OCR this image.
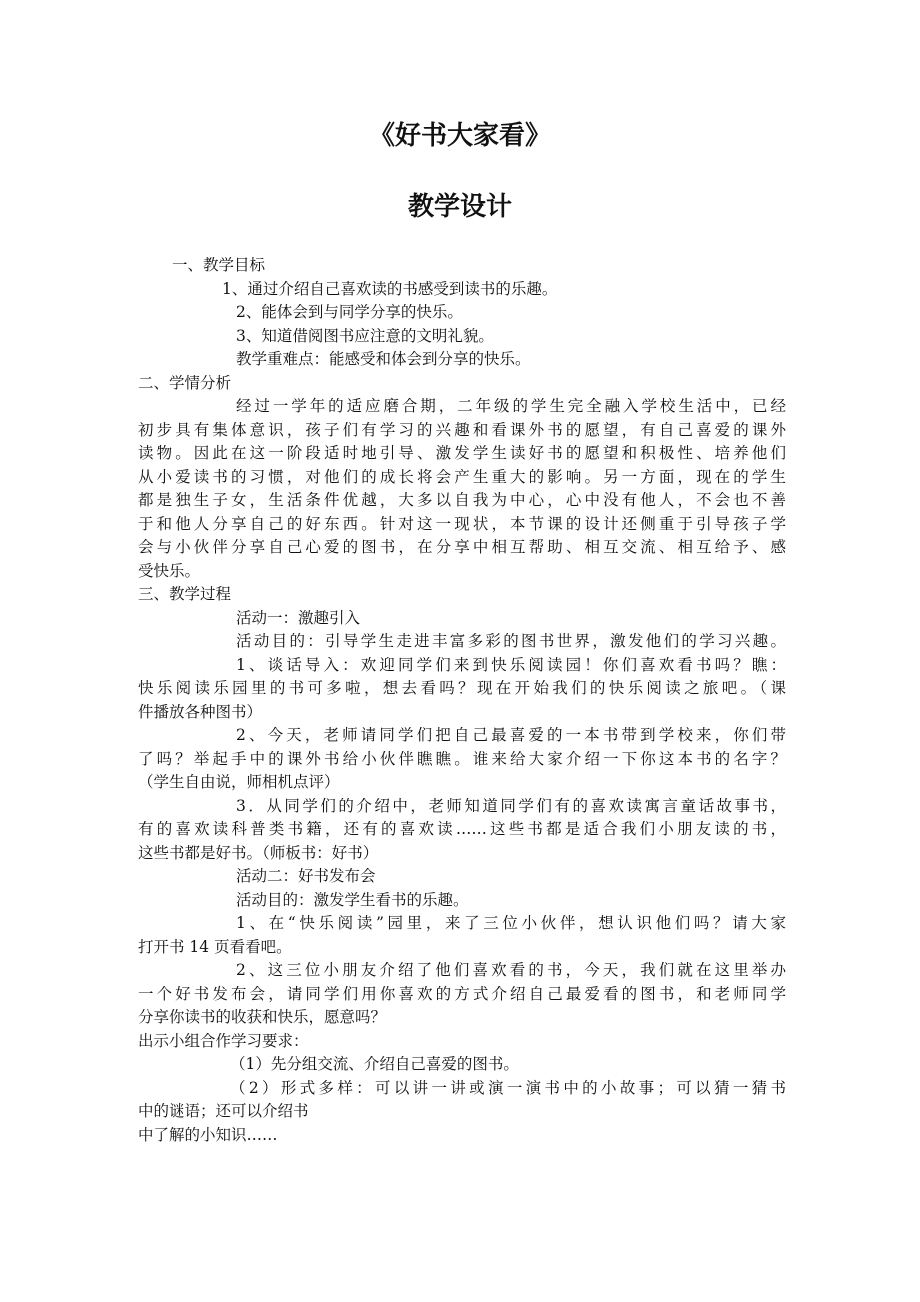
《好书大家看》
教学设计
一、教学目标
1、通过介绍自己喜欢读的书感受到读书的乐趣。
2、能体会到与同学分享的快乐。
3、知道借阅图书应注意的文明礼貌。
教学重难点：能感受和体会到分享的快乐。
二、学情分析
经过一学年的适应磨合期，二年级的学生完全融入学校生活中，已经
初步具有集体意识，孩子们有学习的兴趣和看课外书的愿望，有自己喜爱的课外
读物。因此在这一阶段适时地引导、激发学生读好书的愿望和积极性、培养他们
从小爱读书的习惯，对他们的成长将会产生重大的影响。另一方面，现在的学生
都是独生子女，生活条件优越，大多以自我为中心，心中没有他人，不会也不善
于和他人分享自己的好东西。针对这一现状，本节课的设计还侧重于引导孩子学
会与小伙伴分享自己心爱的图书，在分享中相互帮助、相互交流、相互给予、感
受快乐。
三、教学过程
活动一：激趣引入
活动目的：引导学生走进丰富多彩的图书世界，激发他们的学习兴趣。
1、谈话导入：欢迎同学们来到快乐阅读园！你们喜欢看书吗？瞧：
快乐阅读乐园里的书可多啦，想去看吗？现在开始我们的快乐阅读之旅吧。（课
件播放各种图书）
2、今天，老师请同学们把自己最喜爱的一本书带到学校来，你们带
了吗？举起手中的课外书给小伙伴瞧瞧。谁来给大家介绍一下你这本书的名字？
（学生自由说，师相机点评）
3．从同学们的介绍中，老师知道同学们有的喜欢读寓言童话故事书，
有的喜欢读科普类书籍，还有的喜欢读……这些书都是适合我们小朋友读的书，
这些书都是好书。（师板书：好书）
活动二：好书发布会
活动目的：激发学生看书的乐趣。
1、在“快乐阅读”园里，来了三位小伙伴，想认识他们吗？请大家
打开书 14 页看看吧。
2、这三位小朋友介绍了他们喜欢看的书，今天，我们就在这里举办
一个好书发布会，请同学们用你喜欢的方式介绍自己最爱看的图书，和老师同学
分享你读书的收获和快乐，愿意吗？
出示小组合作学习要求：
（1）先分组交流、介绍自己喜爱的图书。
（2）形式多样：可以讲一讲或演一演书中的小故事；可以猜一猜书
中的谜语；还可以介绍书
中了解的小知识……
